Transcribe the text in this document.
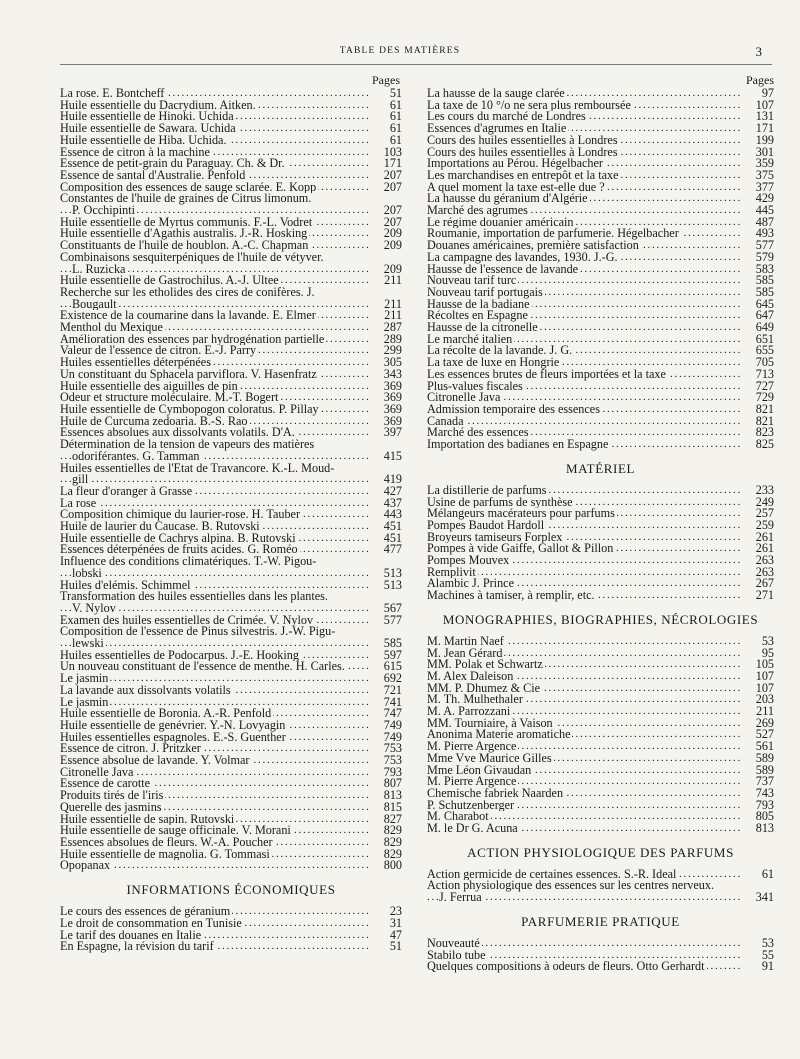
TABLE DES MATIÈRES	3
Pages
La rose. E. Bontcheff . . .	51
Huile essentielle du Dacrydium. Aitken. . . .	61
Huile essentielle de Hinoki. Uchida . . .	61
Huile essentielle de Sawara. Uchida . . .	61
Huile essentielle de Hiba. Uchida. . . .	61
Essence de citron à la machine . . .	103
Essence de petit-grain du Paraguay. Ch. & Dr. . . .	171
Essence de santal d'Australie. Penfold . . .	207
Composition des essences de sauge sclarée. E. Kopp . . .	207
Constantes de l'huile de graines de Citrus limonum.
P. Occhipinti . . .	207
Huile essentielle de Myrtus communis. F.-L. Vodret . . .	207
Huile essentielle d'Agathis australis. J.-R. Hosking . . .	209
Constituants de l'huile de houblon. A.-C. Chapman . . .	209
Combinaisons sesquiterpéniques de l'huile de vétyver.
L. Ruzicka . . .	209
Huile essentielle de Gastrochilus. A.-J. Ultee . . .	211
Recherche sur les etholides des cires de conifères. J.
Bougault . . .	211
Existence de la coumarine dans la lavande. E. Elmer . . .	211
Menthol du Mexique . . .	287
Amélioration des essences par hydrogénation partielle . . .	289
Valeur de l'essence de citron. E.-J. Parry . . .	299
Huiles essentielles déterpénées . . .	305
Un constituant du Sphacela parviflora. V. Hasenfratz . . .	343
Huile essentielle des aiguilles de pin . . .	369
Odeur et structure moléculaire. M.-T. Bogert . . .	369
Huile essentielle de Cymbopogon coloratus. P. Pillay . . .	369
Huile de Curcuma zedoaria. B.-S. Rao . . .	369
Essences absolues aux dissolvants volatils. D'A. . . .	397
Détermination de la tension de vapeurs des matières
odoriférantes. G. Tamman . . .	415
Huiles essentielles de l'Etat de Travancore. K.-L. Moud-
gill . . .	419
La fleur d'oranger à Grasse . . .	427
La rose . . .	437
Composition chimique du laurier-rose. H. Tauber . . .	443
Huile de laurier du Caucase. B. Rutovski . . .	451
Huile essentielle de Cachrys alpina. B. Rutovski . . .	451
Essences déterpénées de fruits acides. G. Roméo . . .	477
Influence des conditions climatériques. T.-W. Pigou-
lobski . . .	513
Huiles d'elémis. Schimmel . . .	513
Transformation des huiles essentielles dans les plantes.
V. Nylov . . .	567
Examen des huiles essentielles de Crimée. V. Nylov . . .	577
Composition de l'essence de Pinus silvestris. J.-W. Pigu-
lewski . . .	585
Huiles essentielles de Podocarpus. J.-E. Hooking . . .	597
Un nouveau constituant de l'essence de menthe. H. Carles. . . .	615
Le jasmin . . .	692
La lavande aux dissolvants volatils . . .	721
Le jasmin . . .	741
Huile essentielle de Boronia. A.-R. Penfold . . .	747
Huile essentielle de genévrier. Y.-N. Lovyagin . . .	749
Huiles essentielles espagnoles. E.-S. Guenther . . .	749
Essence de citron. J. Pritzker . . .	753
Essence absolue de lavande. Y. Volmar . . .	753
Citronelle Java . . .	793
Essence de carotte . . .	807
Produits tirés de l'iris . . .	813
Querelle des jasmins . . .	815
Huile essentielle de sapin. Rutovski . . .	827
Huile essentielle de sauge officinale. V. Morani . . .	829
Essences absolues de fleurs. W.-A. Poucher . . .	829
Huile essentielle de magnolia. G. Tommasi . . .	829
Opopanax . . .	800
INFORMATIONS ÉCONOMIQUES
Le cours des essences de géranium . . .	23
Le droit de consommation en Tunisie . . .	31
Le tarif des douanes en Italie . . .	47
En Espagne, la révision du tarif . . .	51
Pages
La hausse de la sauge clarée . . .	97
La taxe de 10 °/o ne sera plus remboursée . . .	107
Les cours du marché de Londres . . .	131
Essences d'agrumes en Italie . . .	171
Cours des huiles essentielles à Londres . . .	199
Cours des huiles essentielles à Londres . . .	301
Importations au Pérou. Hégelbacher . . .	359
Les marchandises en entrepôt et la taxe . . .	375
A quel moment la taxe est-elle due ? . . .	377
La hausse du géranium d'Algérie . . .	429
Marché des agrumes . . .	445
Le régime douanier américain . . .	487
Roumanie, importation de parfumerie. Hégelbacher . . .	493
Douanes américaines, première satisfaction . . .	577
La campagne des lavandes, 1930. J.-G. . . .	579
Hausse de l'essence de lavande . . .	583
Nouveau tarif turc . . .	585
Nouveau tarif portugais . . .	585
Hausse de la badiane . . .	645
Récoltes en Espagne . . .	647
Hausse de la citronelle . . .	649
Le marché italien . . .	651
La récolte de la lavande. J. G. . . .	655
La taxe de luxe en Hongrie . . .	705
Les essences brutes de fleurs importées et la taxe . . .	713
Plus-values fiscales . . .	727
Citronelle Java . . .	729
Admission temporaire des essences . . .	821
Canada . . .	821
Marché des essences . . .	823
Importation des badianes en Espagne . . .	825
MATÉRIEL
La distillerie de parfums . . .	233
Usine de parfums de synthèse . . .	249
Mélangeurs macérateurs pour parfums . . .	257
Pompes Baudot Hardoll . . .	259
Broyeurs tamiseurs Forplex . . .	261
Pompes à vide Gaiffe, Gallot & Pillon . . .	261
Pompes Mouvex . . .	263
Remplivit . . .	263
Alambic J. Prince . . .	267
Machines à tamiser, à remplir, etc. . . .	271
MONOGRAPHIES, BIOGRAPHIES, NÉCROLOGIES
M. Martin Naef . . .	53
M. Jean Gérard . . .	95
MM. Polak et Schwartz . . .	105
M. Alex Daleison . . .	107
MM. P. Dhumez & Cie . . .	107
M. Th. Mulhethaler . . .	203
M. A. Parrozzani . . .	211
MM. Tourniaire, à Vaison . . .	269
Anonima Materie aromatiche . . .	527
M. Pierre Argence . . .	561
Mme Vve Maurice Gilles . . .	589
Mme Léon Givaudan . . .	589
M. Pierre Argence . . .	737
Chemische fabriek Naarden . . .	743
P. Schutzenberger . . .	793
M. Charabot . . .	805
M. le Dr G. Acuna . . .	813
ACTION PHYSIOLOGIQUE DES PARFUMS
Action germicide de certaines essences. S.-R. Ideal . . .	61
Action physiologique des essences sur les centres nerveux.
J. Ferrua . . .	341
PARFUMERIE PRATIQUE
Nouveauté . . .	53
Stabilo tube . . .	55
Quelques compositions à odeurs de fleurs. Otto Gerhardt . . .	91
